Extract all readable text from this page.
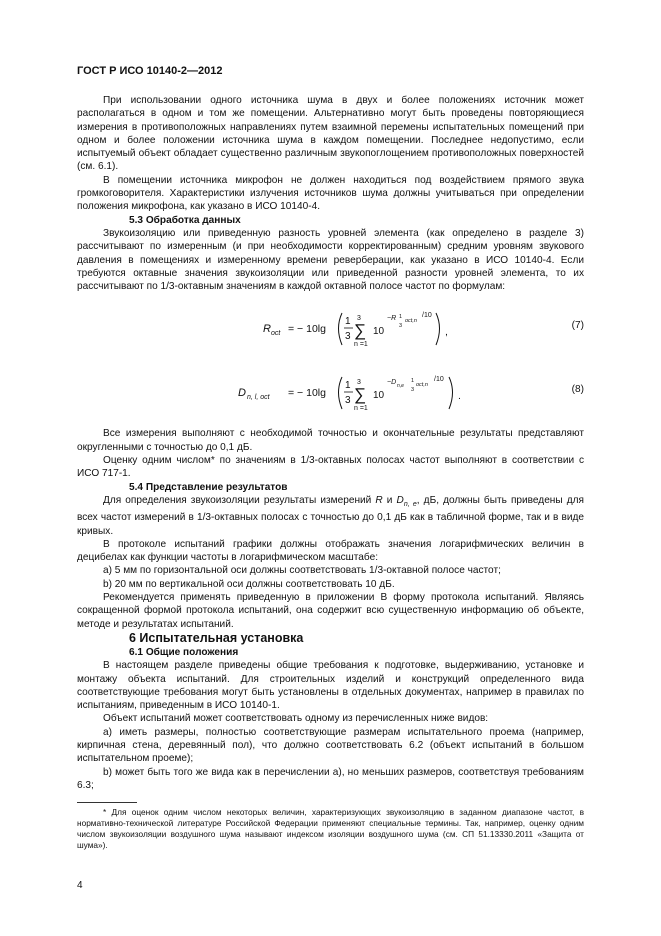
ГОСТ Р ИСО 10140-2—2012

При использовании одного источника шума в двух и более положениях источник может располагаться в одном и том же помещении. Альтернативно могут быть проведены повторяющиеся измерения в противоположных направлениях путем взаимной перемены испытательных помещений при одном и более положении источника шума в каждом помещении. Последнее недопустимо, если испытуемый объект обладает существенно различным звукопоглощением противоположных поверхностей (см. 6.1).

В помещении источника микрофон не должен находиться под воздействием прямого звука громкоговорителя. Характеристики излучения источников шума должны учитываться при определении положения микрофона, как указано в ИСО 10140-4.

5.3 Обработка данных

Звукоизоляцию или приведенную разность уровней элемента (как определено в разделе 3) рассчитывают по измеренным (и при необходимости корректированным) средним уровням звукового давления в помещениях и измеренному времени реверберации, как указано в ИСО 10140-4. Если требуются октавные значения звукоизоляции или приведенной разности уровней элемента, то их рассчитывают по 1/3-октавным значениям в каждой октавной полосе частот по формулам:

R oct = − 10lg
1
3
3
∑
n =1
10
−R 1
3
oct,n
/10
,
(7)
D n, l, oct = − 10lg
1
3
3
∑
n =1
10
−D n,e
1
3
oct,n
/10
.
(8)

Все измерения выполняют с необходимой точностью и окончательные результаты представляют округленными с точностью до 0,1 дБ.

Оценку одним числом* по значениям в 1/3-октавных полосах частот выполняют в соответствии с ИСО 717-1.

5.4 Представление результатов

Для определения звукоизоляции результаты измерений R и $D_{n, e}$, дБ, должны быть приведены для всех частот измерений в 1/3-октавных полосах с точностью до 0,1 дБ как в табличной форме, так и в виде кривых.

В протоколе испытаний графики должны отображать значения логарифмических величин в децибелах как функции частоты в логарифмическом масштабе:

a) 5 мм по горизонтальной оси должны соответствовать 1/3-октавной полосе частот;

b) 20 мм по вертикальной оси должны соответствовать 10 дБ.

Рекомендуется применять приведенную в приложении В форму протокола испытаний. Являясь сокращенной формой протокола испытаний, она содержит всю существенную информацию об объекте, методе и результатах испытаний.

6 Испытательная установка

6.1 Общие положения

В настоящем разделе приведены общие требования к подготовке, выдерживанию, установке и монтажу объекта испытаний. Для строительных изделий и конструкций определенного вида соответствующие требования могут быть установлены в отдельных документах, например в правилах по испытаниям, приведенным в ИСО 10140-1.

Объект испытаний может соответствовать одному из перечисленных ниже видов:

а) иметь размеры, полностью соответствующие размерам испытательного проема (например, кирпичная стена, деревянный пол), что должно соответствовать 6.2 (объект испытаний в большом испытательном проеме);

b) может быть того же вида как в перечислении а), но меньших размеров, соответствуя требованиям 6.3;

* Для оценок одним числом некоторых величин, характеризующих звукоизоляцию в заданном диапазоне частот, в нормативно-технической литературе Российской Федерации применяют специальные термины. Так, например, оценку одним числом звукоизоляции воздушного шума называют индексом изоляции воздушного шума (см. СП 51.13330.2011 «Защита от шума»).

4
